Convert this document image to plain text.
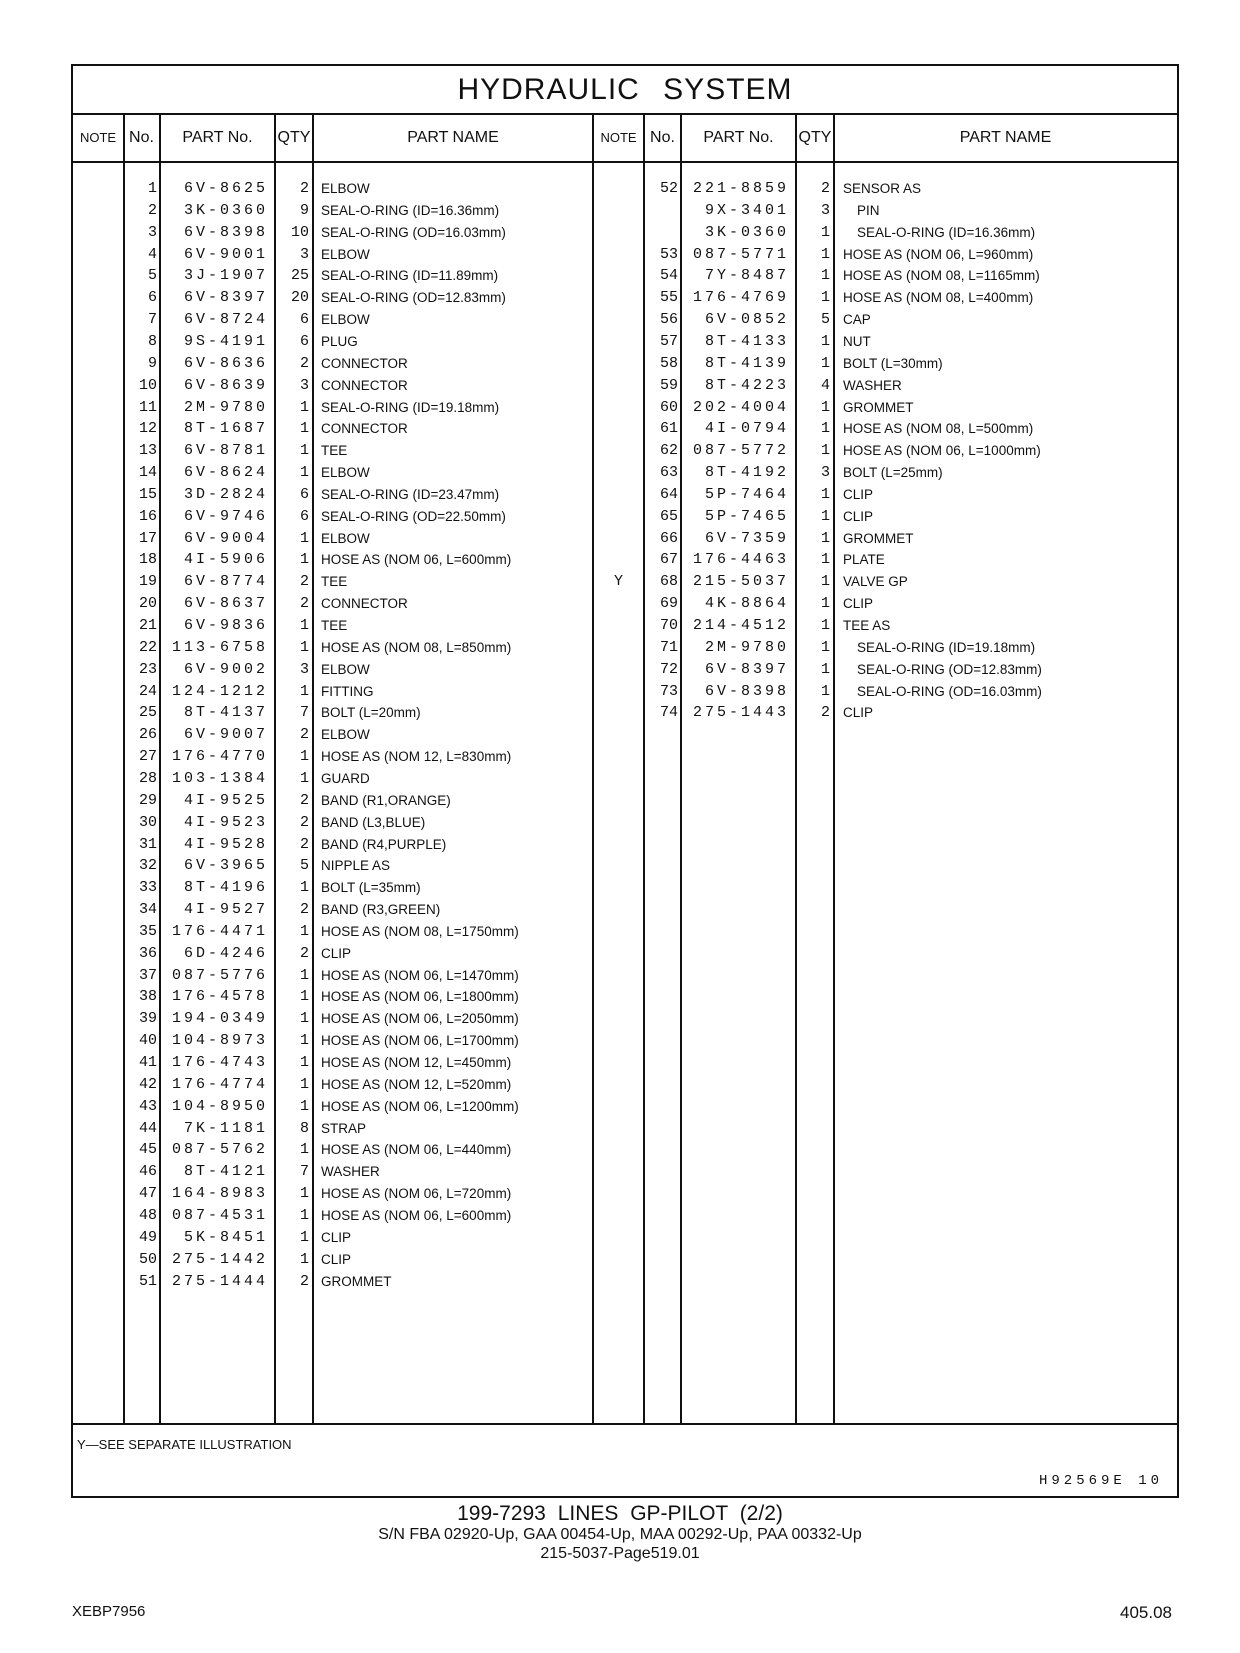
HYDRAULIC SYSTEM
NOTE No.	PART No.	QTY	PART NAME	NOTE No.	PART No.	QTY	PART NAME
1	6V-8625	2 ELBOW
2	3K-0360	9 SEAL-O-RING (ID=16.36mm)
3	6V-8398	10 SEAL-O-RING (OD=16.03mm)
4	6V-9001	3 ELBOW
5	3J-1907	25 SEAL-O-RING (ID=11.89mm)
6	6V-8397	20 SEAL-O-RING (OD=12.83mm)
7	6V-8724	6 ELBOW
8	9S-4191	6 PLUG
9	6V-8636	2 CONNECTOR
10	6V-8639	3 CONNECTOR
11	2M-9780	1 SEAL-O-RING (ID=19.18mm)
12	8T-1687	1 CONNECTOR
13	6V-8781	1 TEE
14	6V-8624	1 ELBOW
15	3D-2824	6 SEAL-O-RING (ID=23.47mm)
16	6V-9746	6 SEAL-O-RING (OD=22.50mm)
17	6V-9004	1 ELBOW
18	4I-5906	1 HOSE AS (NOM 06, L=600mm)
19	6V-8774	2 TEE
20	6V-8637	2 CONNECTOR
21	6V-9836	1 TEE
22 113-6758	1 HOSE AS (NOM 08, L=850mm)
23	6V-9002	3 ELBOW
24 124-1212	1 FITTING
25	8T-4137	7 BOLT (L=20mm)
26	6V-9007	2 ELBOW
27 176-4770	1 HOSE AS (NOM 12, L=830mm)
28 103-1384	1 GUARD
29	4I-9525	2 BAND (R1,ORANGE)
30	4I-9523	2 BAND (L3,BLUE)
31	4I-9528	2 BAND (R4,PURPLE)
32	6V-3965	5 NIPPLE AS
33	8T-4196	1 BOLT (L=35mm)
34	4I-9527	2 BAND (R3,GREEN)
35 176-4471	1 HOSE AS (NOM 08, L=1750mm)
36	6D-4246	2 CLIP
37 087-5776	1 HOSE AS (NOM 06, L=1470mm)
38 176-4578	1 HOSE AS (NOM 06, L=1800mm)
39 194-0349	1 HOSE AS (NOM 06, L=2050mm)
40 104-8973	1 HOSE AS (NOM 06, L=1700mm)
41 176-4743	1 HOSE AS (NOM 12, L=450mm)
42 176-4774	1 HOSE AS (NOM 12, L=520mm)
43 104-8950	1 HOSE AS (NOM 06, L=1200mm)
44	7K-1181	8 STRAP
45 087-5762	1 HOSE AS (NOM 06, L=440mm)
46	8T-4121	7 WASHER
47 164-8983	1 HOSE AS (NOM 06, L=720mm)
48 087-4531	1 HOSE AS (NOM 06, L=600mm)
49	5K-8451	1 CLIP
50 275-1442	1 CLIP
51 275-1444	2 GROMMET
52 221-8859	2 SENSOR AS
9X-3401	3	PIN
3K-0360	1	SEAL-O-RING (ID=16.36mm)
53 087-5771	1 HOSE AS (NOM 06, L=960mm)
54	7Y-8487	1 HOSE AS (NOM 08, L=1165mm)
55 176-4769	1 HOSE AS (NOM 08, L=400mm)
56	6V-0852	5 CAP
57	8T-4133	1 NUT
58	8T-4139	1 BOLT (L=30mm)
59	8T-4223	4 WASHER
60 202-4004	1 GROMMET
61	4I-0794	1 HOSE AS (NOM 08, L=500mm)
62 087-5772	1 HOSE AS (NOM 06, L=1000mm)
63	8T-4192	3 BOLT (L=25mm)
64	5P-7464	1 CLIP
65	5P-7465	1 CLIP
66	6V-7359	1 GROMMET
67 176-4463	1 PLATE
Y	68 215-5037	1 VALVE GP
69	4K-8864	1 CLIP
70 214-4512	1 TEE AS
71	2M-9780	1	SEAL-O-RING (ID=19.18mm)
72	6V-8397	1	SEAL-O-RING (OD=12.83mm)
73	6V-8398	1	SEAL-O-RING (OD=16.03mm)
74 275-1443	2 CLIP
Y—SEE SEPARATE ILLUSTRATION
H92569E 10
199-7293 LINES GP-PILOT (2/2)
S/N FBA 02920-Up, GAA 00454-Up, MAA 00292-Up, PAA 00332-Up
215-5037-Page519.01
XEBP7956	405.08
